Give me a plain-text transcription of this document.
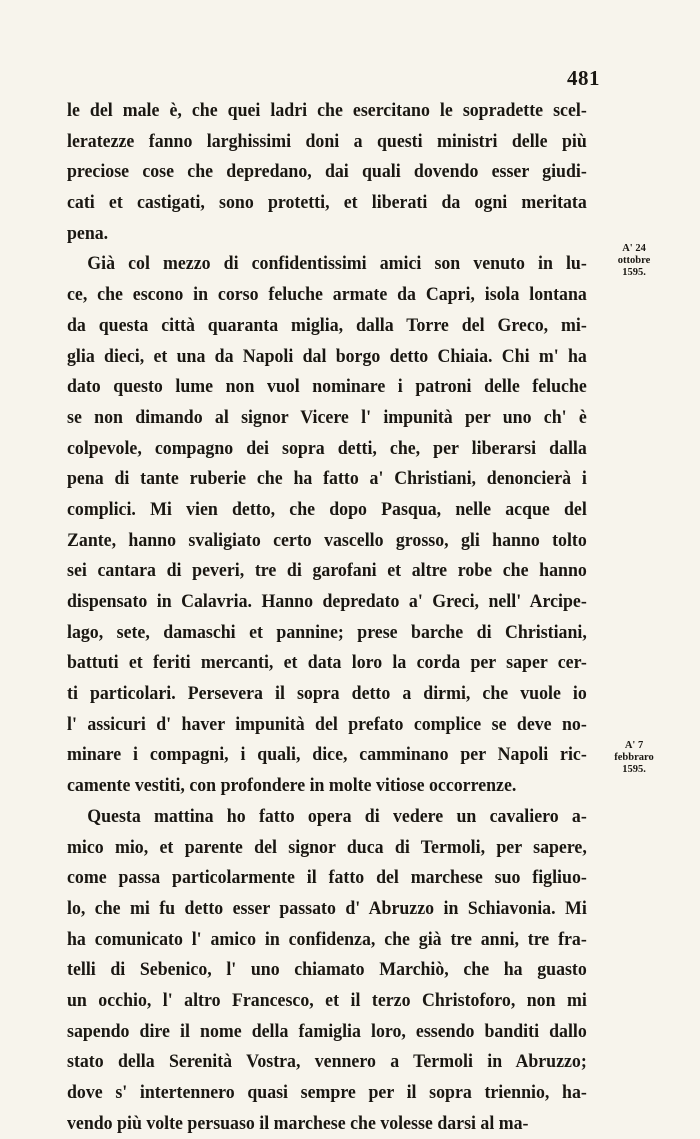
481
le del male è, che quei ladri che esercitano le sopradette scel-
leratezze fanno larghissimi doni a questi ministri delle più
preciose cose che depredano, dai quali dovendo esser giudi-
cati et castigati, sono protetti, et liberati da ogni meritata
pena.
Già col mezzo di confidentissimi amici son venuto in lu-
ce, che escono in corso feluche armate da Capri, isola lontana
da questa città quaranta miglia, dalla Torre del Greco, mi-
glia dieci, et una da Napoli dal borgo detto Chiaia. Chi m' ha
dato questo lume non vuol nominare i patroni delle feluche
se non dimando al signor Vicere l' impunità per uno ch' è
colpevole, compagno dei sopra detti, che, per liberarsi dalla
pena di tante ruberie che ha fatto a' Christiani, denoncierà i
complici. Mi vien detto, che dopo Pasqua, nelle acque del
Zante, hanno svaligiato certo vascello grosso, gli hanno tolto
sei cantara di peveri, tre di garofani et altre robe che hanno
dispensato in Calavria. Hanno depredato a' Greci, nell' Arcipe-
lago, sete, damaschi et pannine; prese barche di Christiani,
battuti et feriti mercanti, et data loro la corda per saper cer-
ti particolari. Persevera il sopra detto a dirmi, che vuole io
l' assicuri d' haver impunità del prefato complice se deve no-
minare i compagni, i quali, dice, camminano per Napoli ric-
camente vestiti, con profondere in molte vitiose occorrenze.
Questa mattina ho fatto opera di vedere un cavaliero a-
mico mio, et parente del signor duca di Termoli, per sapere,
come passa particolarmente il fatto del marchese suo figliuo-
lo, che mi fu detto esser passato d' Abruzzo in Schiavonia. Mi
ha comunicato l' amico in confidenza, che già tre anni, tre fra-
telli di Sebenico, l' uno chiamato Marchiò, che ha guasto
un occhio, l' altro Francesco, et il terzo Christoforo, non mi
sapendo dire il nome della famiglia loro, essendo banditi dallo
stato della Serenità Vostra, vennero a Termoli in Abruzzo;
dove s' intertennero quasi sempre per il sopra triennio, ha-
vendo più volte persuaso il marchese che volesse darsi al ma-
A' 24
ottobre
1595.
A' 7
febbraro
1595.
